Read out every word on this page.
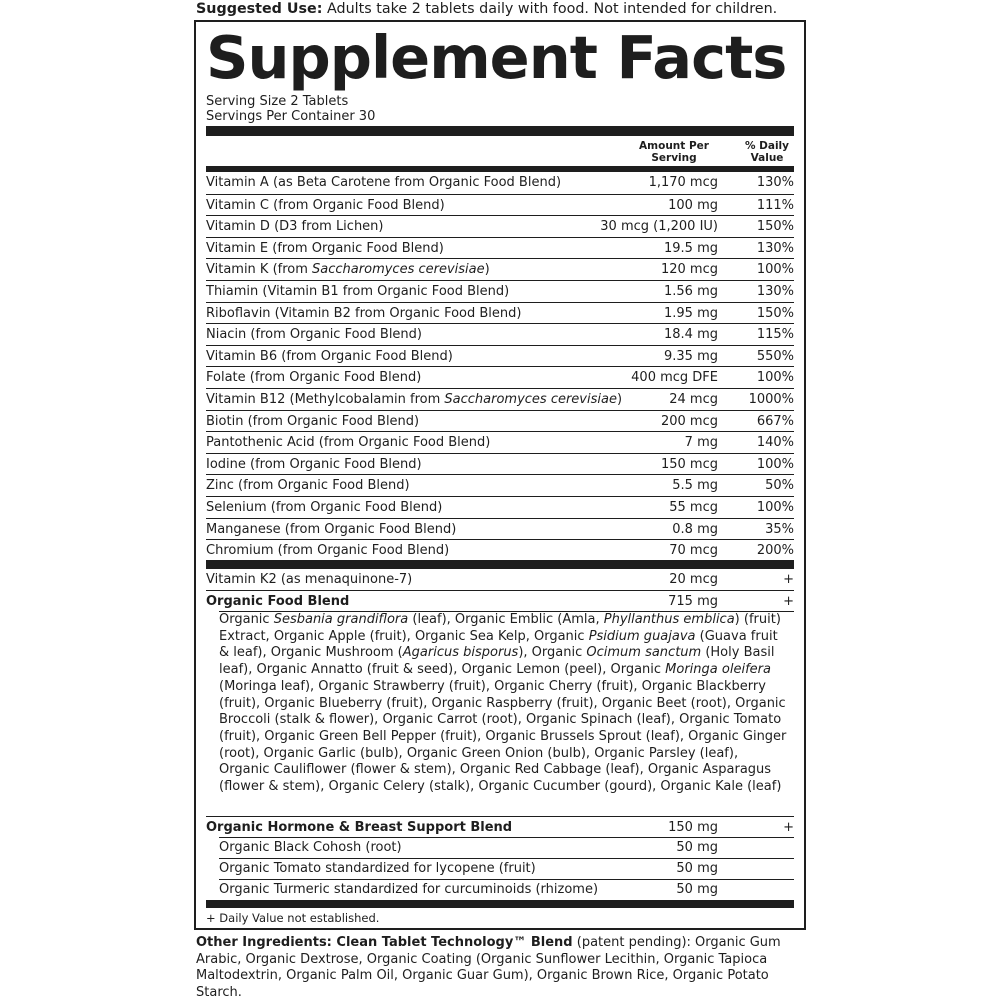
Suggested Use: Adults take 2 tablets daily with food. Not intended for children.
Supplement Facts
Serving Size 2 Tablets
Servings Per Container 30
Amount Per Serving
% Daily Value
Vitamin A (as Beta Carotene from Organic Food Blend)	1,170 mcg	130%
Vitamin C (from Organic Food Blend)	100 mg	111%
Vitamin D (D3 from Lichen)	30 mcg (1,200 IU)	150%
Vitamin E (from Organic Food Blend)	19.5 mg	130%
Vitamin K (from Saccharomyces cerevisiae)	120 mcg	100%
Thiamin (Vitamin B1 from Organic Food Blend)	1.56 mg	130%
Riboflavin (Vitamin B2 from Organic Food Blend)	1.95 mg	150%
Niacin (from Organic Food Blend)	18.4 mg	115%
Vitamin B6 (from Organic Food Blend)	9.35 mg	550%
Folate (from Organic Food Blend)	400 mcg DFE	100%
Vitamin B12 (Methylcobalamin from Saccharomyces cerevisiae)	24 mcg 1000%
Biotin (from Organic Food Blend)	200 mcg	667%
Pantothenic Acid (from Organic Food Blend)	7 mg	140%
Iodine (from Organic Food Blend)	150 mcg	100%
Zinc (from Organic Food Blend)	5.5 mg	50%
Selenium (from Organic Food Blend)	55 mcg	100%
Manganese (from Organic Food Blend)	0.8 mg	35%
Chromium (from Organic Food Blend)	70 mcg	200%
Vitamin K2 (as menaquinone-7)	20 mcg	+
Organic Food Blend	715 mg	+
Organic Sesbania grandiflora (leaf), Organic Emblic (Amla, Phyllanthus emblica) (fruit) Extract, Organic Apple (fruit), Organic Sea Kelp, Organic Psidium guajava (Guava fruit & leaf), Organic Mushroom (Agaricus bisporus), Organic Ocimum sanctum (Holy Basil leaf), Organic Annatto (fruit & seed), Organic Lemon (peel), Organic Moringa oleifera (Moringa leaf), Organic Strawberry (fruit), Organic Cherry (fruit), Organic Blackberry (fruit), Organic Blueberry (fruit), Organic Raspberry (fruit), Organic Beet (root), Organic Broccoli (stalk & flower), Organic Carrot (root), Organic Spinach (leaf), Organic Tomato (fruit), Organic Green Bell Pepper (fruit), Organic Brussels Sprout (leaf), Organic Ginger (root), Organic Garlic (bulb), Organic Green Onion (bulb), Organic Parsley (leaf), Organic Cauliflower (flower & stem), Organic Red Cabbage (leaf), Organic Asparagus (flower & stem), Organic Celery (stalk), Organic Cucumber (gourd), Organic Kale (leaf)
Organic Hormone & Breast Support Blend	150 mg	+
Organic Black Cohosh (root)	50 mg
Organic Tomato standardized for lycopene (fruit)	50 mg
Organic Turmeric standardized for curcuminoids (rhizome)	50 mg
+ Daily Value not established.
Other Ingredients: Clean Tablet Technology™ Blend (patent pending): Organic Gum Arabic, Organic Dextrose, Organic Coating (Organic Sunflower Lecithin, Organic Tapioca Maltodextrin, Organic Palm Oil, Organic Guar Gum), Organic Brown Rice, Organic Potato Starch.
